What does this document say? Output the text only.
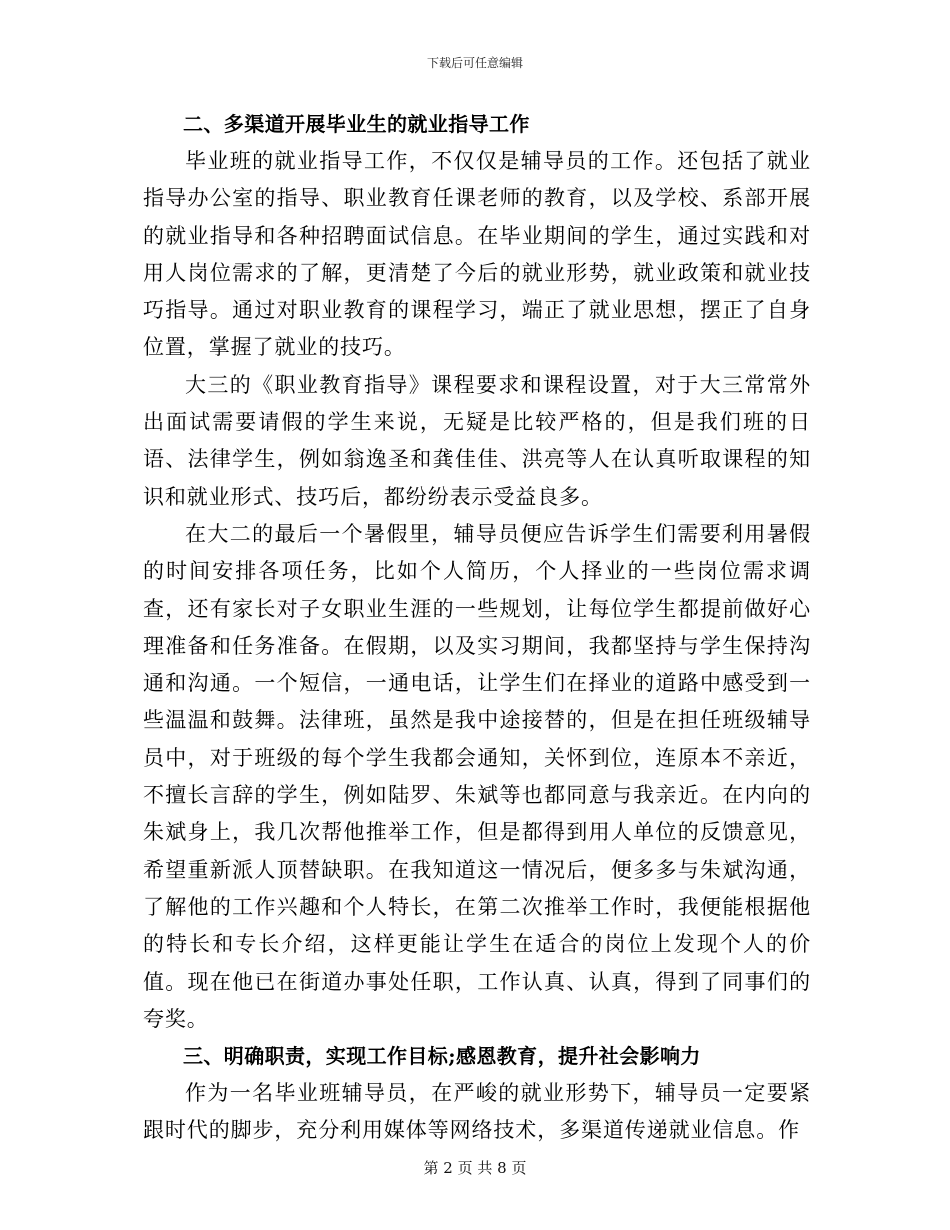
下载后可任意编辑

二、多渠道开展毕业生的就业指导工作

毕业班的就业指导工作，不仅仅是辅导员的工作。还包括了就业指导办公室的指导、职业教育任课老师的教育，以及学校、系部开展的就业指导和各种招聘面试信息。在毕业期间的学生，通过实践和对用人岗位需求的了解，更清楚了今后的就业形势，就业政策和就业技巧指导。通过对职业教育的课程学习，端正了就业思想，摆正了自身位置，掌握了就业的技巧。

大三的《职业教育指导》课程要求和课程设置，对于大三常常外出面试需要请假的学生来说，无疑是比较严格的，但是我们班的日语、法律学生，例如翁逸圣和龚佳佳、洪亮等人在认真听取课程的知识和就业形式、技巧后，都纷纷表示受益良多。

在大二的最后一个暑假里，辅导员便应告诉学生们需要利用暑假的时间安排各项任务，比如个人简历，个人择业的一些岗位需求调查，还有家长对子女职业生涯的一些规划，让每位学生都提前做好心理准备和任务准备。在假期，以及实习期间，我都坚持与学生保持沟通和沟通。一个短信，一通电话，让学生们在择业的道路中感受到一些温温和鼓舞。法律班，虽然是我中途接替的，但是在担任班级辅导员中，对于班级的每个学生我都会通知，关怀到位，连原本不亲近，不擅长言辞的学生，例如陆罗、朱斌等也都同意与我亲近。在内向的朱斌身上，我几次帮他推举工作，但是都得到用人单位的反馈意见，希望重新派人顶替缺职。在我知道这一情况后，便多多与朱斌沟通，了解他的工作兴趣和个人特长，在第二次推举工作时，我便能根据他的特长和专长介绍，这样更能让学生在适合的岗位上发现个人的价值。现在他已在街道办事处任职，工作认真、认真，得到了同事们的夸奖。

三、明确职责，实现工作目标;感恩教育，提升社会影响力

作为一名毕业班辅导员，在严峻的就业形势下，辅导员一定要紧跟时代的脚步，充分利用媒体等网络技术，多渠道传递就业信息。作

第 2 页 共 8 页
